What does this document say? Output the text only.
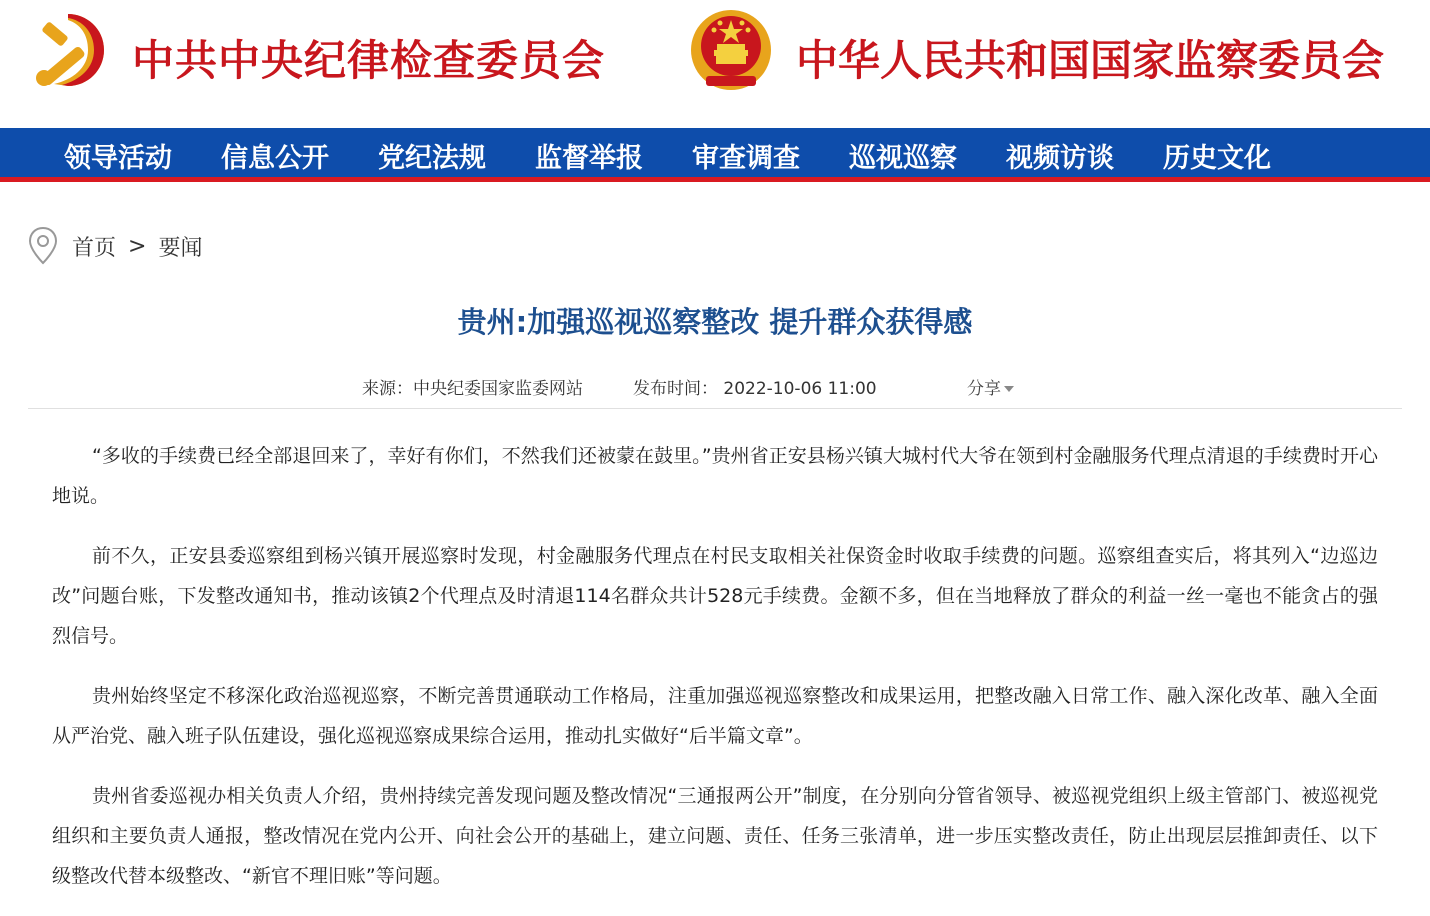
中共中央纪律检查委员会	中华人民共和国国家监察委员会
领导活动 信息公开 党纪法规 监督举报 审查调查 巡视巡察 视频访谈 历史文化
首页 > 要闻
贵州:加强巡视巡察整改 提升群众获得感
来源：中央纪委国家监委网站	发布时间： 2022-10-06 11:00	分享

“多收的手续费已经全部退回来了，幸好有你们，不然我们还被蒙在鼓里。”贵州省正安县杨兴镇大城村代大爷在领到村金融服务代理点清退的手续费时开心地说。

前不久，正安县委巡察组到杨兴镇开展巡察时发现，村金融服务代理点在村民支取相关社保资金时收取手续费的问题。巡察组查实后，将其列入“边巡边改”问题台账，下发整改通知书，推动该镇2个代理点及时清退114名群众共计528元手续费。金额不多，但在当地释放了群众的利益一丝一毫也不能贪占的强烈信号。

贵州始终坚定不移深化政治巡视巡察，不断完善贯通联动工作格局，注重加强巡视巡察整改和成果运用，把整改融入日常工作、融入深化改革、融入全面从严治党、融入班子队伍建设，强化巡视巡察成果综合运用，推动扎实做好“后半篇文章”。

贵州省委巡视办相关负责人介绍，贵州持续完善发现问题及整改情况“三通报两公开”制度，在分别向分管省领导、被巡视党组织上级主管部门、被巡视党组织和主要负责人通报，整改情况在党内公开、向社会公开的基础上，建立问题、责任、任务三张清单，进一步压实整改责任，防止出现层层推卸责任、以下级整改代替本级整改、“新官不理旧账”等问题。
